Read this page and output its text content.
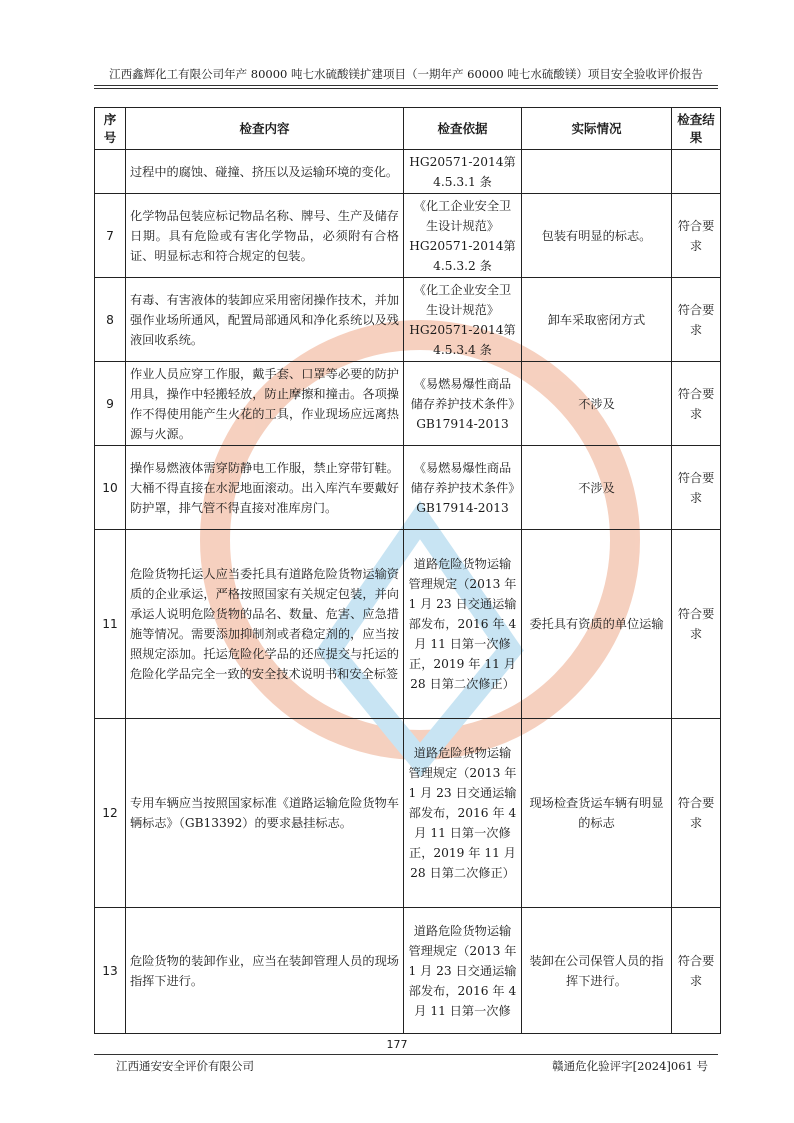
江西鑫辉化工有限公司年产 80000 吨七水硫酸镁扩建项目（一期年产 60000 吨七水硫酸镁）项目安全验收评价报告
序号	检查内容	检查依据	实际情况	检查结果
	过程中的腐蚀、碰撞、挤压以及运输环境的变化。	HG20571-2014第4.5.3.1 条		
7	化学物品包装应标记物品名称、牌号、生产及储存日期。具有危险或有害化学物品，必须附有合格证、明显标志和符合规定的包装。	《化工企业安全卫生设计规范》HG20571-2014第4.5.3.2 条	包装有明显的标志。	符合要求
8	有毒、有害液体的装卸应采用密闭操作技术，并加强作业场所通风，配置局部通风和净化系统以及残液回收系统。	《化工企业安全卫生设计规范》HG20571-2014第4.5.3.4 条	卸车采取密闭方式	符合要求
9	作业人员应穿工作服，戴手套、口罩等必要的防护用具，操作中轻搬轻放，防止摩擦和撞击。各项操作不得使用能产生火花的工具，作业现场应远离热源与火源。	《易燃易爆性商品储存养护技术条件》GB17914-2013	不涉及	符合要求
10	操作易燃液体需穿防静电工作服，禁止穿带钉鞋。大桶不得直接在水泥地面滚动。出入库汽车要戴好防护罩，排气管不得直接对准库房门。	《易燃易爆性商品储存养护技术条件》GB17914-2013	不涉及	符合要求
11	危险货物托运人应当委托具有道路危险货物运输资质的企业承运，严格按照国家有关规定包装，并向承运人说明危险货物的品名、数量、危害、应急措施等情况。需要添加抑制剂或者稳定剂的，应当按照规定添加。托运危险化学品的还应提交与托运的危险化学品完全一致的安全技术说明书和安全标签	道路危险货物运输管理规定（2013 年 1 月 23 日交通运输部发布，2016 年 4 月 11 日第一次修正，2019 年 11 月 28 日第二次修正）	委托具有资质的单位运输	符合要求
12	专用车辆应当按照国家标准《道路运输危险货物车辆标志》（GB13392）的要求悬挂标志。	道路危险货物运输管理规定（2013 年 1 月 23 日交通运输部发布，2016 年 4 月 11 日第一次修正，2019 年 11 月 28 日第二次修正）	现场检查货运车辆有明显的标志	符合要求
13	危险货物的装卸作业，应当在装卸管理人员的现场指挥下进行。	道路危险货物运输管理规定（2013 年 1 月 23 日交通运输部发布，2016 年 4 月 11 日第一次修	装卸在公司保管人员的指挥下进行。	符合要求
177
江西通安安全评价有限公司	赣通危化验评字[2024]061 号
